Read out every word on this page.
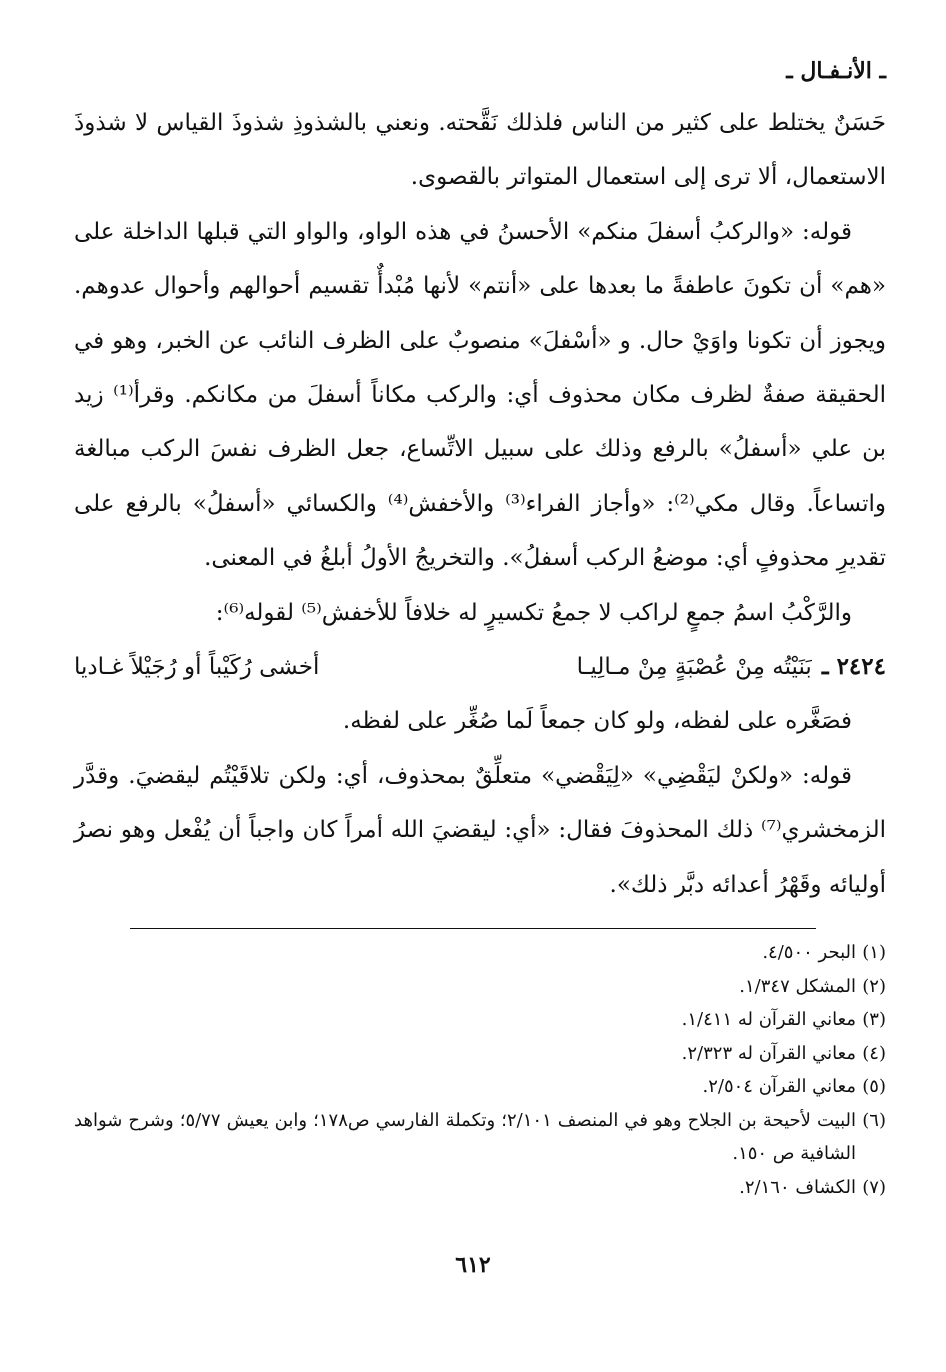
ـ الأنـفـال ـ

حَسَنٌ يختلط على كثير من الناس فلذلك نَقَّحته. ونعني بالشذوذِ شذوذَ القياس لا شذوذَ الاستعمال، ألا ترى إلى استعمال المتواتر بالقصوى.

قوله: «والركبُ أسفلَ منكم» الأحسنُ في هذه الواو، والواو التي قبلها الداخلة على «هم» أن تكونَ عاطفةً ما بعدها على «أنتم» لأنها مُبْدأٌ تقسيم أحوالهم وأحوال عدوهم. ويجوز أن تكونا واوَيْ حال. و «أسْفلَ» منصوبٌ على الظرف النائب عن الخبر، وهو في الحقيقة صفةٌ لظرف مكان محذوف أي: والركب مكاناً أسفلَ من مكانكم. وقرأ⁽¹⁾ زيد بن علي «أسفلُ» بالرفع وذلك على سبيل الاتِّساع، جعل الظرف نفسَ الركب مبالغة واتساعاً. وقال مكي⁽²⁾: «وأجاز الفراء⁽³⁾ والأخفش⁽⁴⁾ والكسائي «أسفلُ» بالرفع على تقديرِ محذوفٍ أي: موضعُ الركب أسفلُ». والتخريجُ الأولُ أبلغُ في المعنى.

والرَّكْبُ اسمُ جمعٍ لراكب لا جمعُ تكسيرٍ له خلافاً للأخفش⁽⁵⁾ لقوله⁽⁶⁾:

٢٤٢٤ ـ
بَنَيْتُه مِنْ عُصْبَةٍ مِنْ مـالِيـا
أخشى رُكَيْباً أو رُجَيْلاً غـاديا

فصَغَّره على لفظه، ولو كان جمعاً لَما صُغِّر على لفظه.

قوله: «ولكنْ ليَقْضِي» «لِيَقْضي» متعلِّقٌ بمحذوف، أي: ولكن تلاقَيْتُم ليقضيَ. وقدَّر الزمخشري⁽⁷⁾ ذلك المحذوفَ فقال: «أي: ليقضيَ الله أمراً كان واجباً أن يُفْعل وهو نصرُ أوليائه وقَهْرُ أعدائه دبَّر ذلك».

(١)
البحر ٤/٥٠٠.
(٢)
المشكل ١/٣٤٧.
(٣)
معاني القرآن له ١/٤١١.
(٤)
معاني القرآن له ٢/٣٢٣.
(٥)
معاني القرآن ٢/٥٠٤.
(٦)
البيت لأحيحة بن الجلاح وهو في المنصف ٢/١٠١؛ وتكملة الفارسي ص١٧٨؛ وابن يعيش ٥/٧٧؛ وشرح شواهد الشافية ص ١٥٠.
(٧)
الكشاف ٢/١٦٠.
٦١٢
